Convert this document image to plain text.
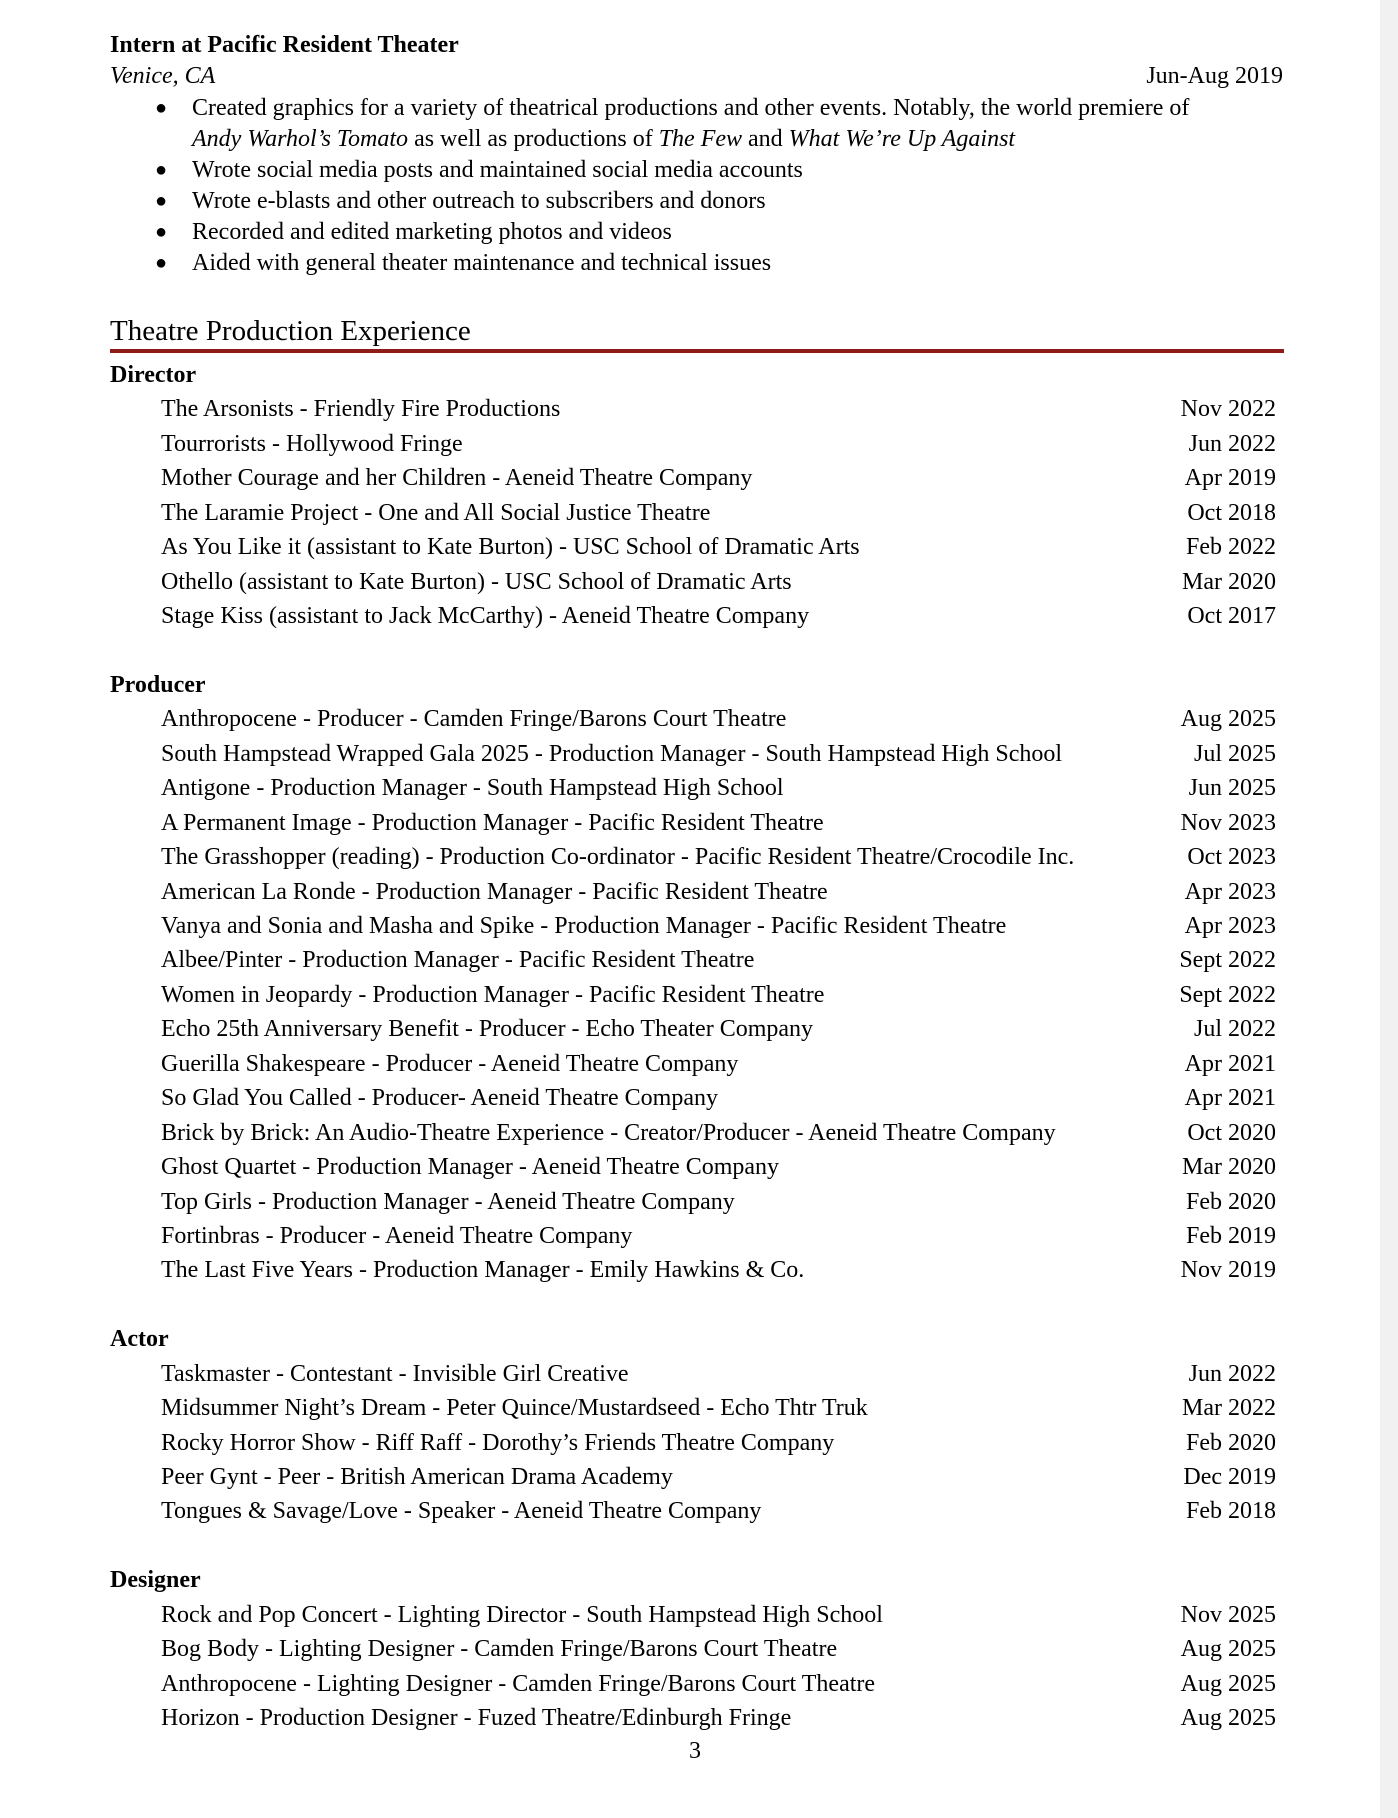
Intern at Pacific Resident Theater
Venice, CA	Jun-Aug 2019
● Created graphics for a variety of theatrical productions and other events. Notably, the world premiere of
Andy Warhol’s Tomato as well as productions of The Few and What We’re Up Against
● Wrote social media posts and maintained social media accounts
● Wrote e-blasts and other outreach to subscribers and donors
● Recorded and edited marketing photos and videos
● Aided with general theater maintenance and technical issues
Theatre Production Experience
Director
The Arsonists - Friendly Fire Productions	Nov 2022
Tourrorists - Hollywood Fringe	Jun 2022
Mother Courage and her Children - Aeneid Theatre Company	Apr 2019
The Laramie Project - One and All Social Justice Theatre	Oct 2018
As You Like it (assistant to Kate Burton) - USC School of Dramatic Arts	Feb 2022
Othello (assistant to Kate Burton) - USC School of Dramatic Arts	Mar 2020
Stage Kiss (assistant to Jack McCarthy) - Aeneid Theatre Company	Oct 2017
Producer
Anthropocene - Producer - Camden Fringe/Barons Court Theatre	Aug 2025
South Hampstead Wrapped Gala 2025 - Production Manager - South Hampstead High School	Jul 2025
Antigone - Production Manager - South Hampstead High School	Jun 2025
A Permanent Image - Production Manager - Pacific Resident Theatre	Nov 2023
The Grasshopper (reading) - Production Co-ordinator - Pacific Resident Theatre/Crocodile Inc.	Oct 2023
American La Ronde - Production Manager - Pacific Resident Theatre	Apr 2023
Vanya and Sonia and Masha and Spike - Production Manager - Pacific Resident Theatre	Apr 2023
Albee/Pinter - Production Manager - Pacific Resident Theatre	Sept 2022
Women in Jeopardy - Production Manager - Pacific Resident Theatre	Sept 2022
Echo 25th Anniversary Benefit - Producer - Echo Theater Company	Jul 2022
Guerilla Shakespeare - Producer - Aeneid Theatre Company	Apr 2021
So Glad You Called - Producer- Aeneid Theatre Company	Apr 2021
Brick by Brick: An Audio-Theatre Experience - Creator/Producer - Aeneid Theatre Company	Oct 2020
Ghost Quartet - Production Manager - Aeneid Theatre Company	Mar 2020
Top Girls - Production Manager - Aeneid Theatre Company	Feb 2020
Fortinbras - Producer - Aeneid Theatre Company	Feb 2019
The Last Five Years - Production Manager - Emily Hawkins & Co.	Nov 2019
Actor
Taskmaster - Contestant - Invisible Girl Creative	Jun 2022
Midsummer Night’s Dream - Peter Quince/Mustardseed - Echo Thtr Truk	Mar 2022
Rocky Horror Show - Riff Raff - Dorothy’s Friends Theatre Company	Feb 2020
Peer Gynt - Peer - British American Drama Academy	Dec 2019
Tongues & Savage/Love - Speaker - Aeneid Theatre Company	Feb 2018
Designer
Rock and Pop Concert - Lighting Director - South Hampstead High School	Nov 2025
Bog Body - Lighting Designer - Camden Fringe/Barons Court Theatre	Aug 2025
Anthropocene - Lighting Designer - Camden Fringe/Barons Court Theatre	Aug 2025
Horizon - Production Designer - Fuzed Theatre/Edinburgh Fringe	Aug 2025
3
